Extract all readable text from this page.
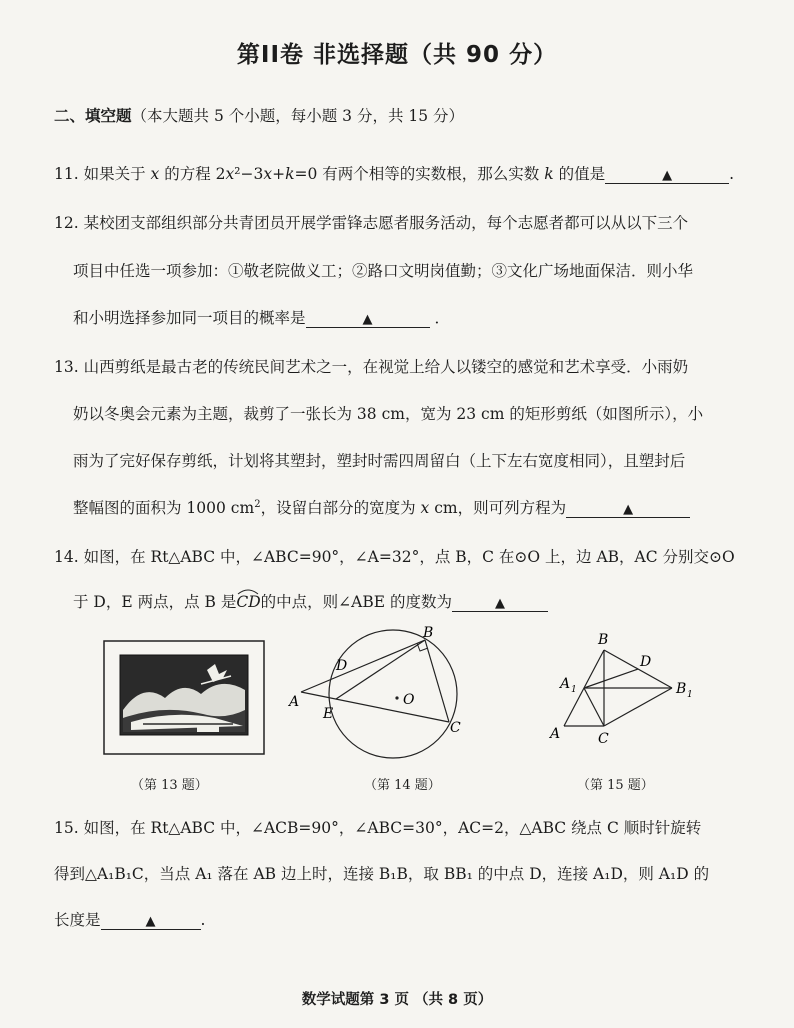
第II卷 非选择题（共 90 分）
二、填空题（本大题共 5 个小题，每小题 3 分，共 15 分）
11. 如果关于 x 的方程 2x²−3x+k=0 有两个相等的实数根，那么实数 k 的值是	▲	.
12. 某校团支部组织部分共青团员开展学雷锋志愿者服务活动，每个志愿者都可以从以下三个
项目中任选一项参加：①敬老院做义工；②路口文明岗值勤；③文化广场地面保洁．则小华
和小明选择参加同一项目的概率是	▲	．
13. 山西剪纸是最古老的传统民间艺术之一，在视觉上给人以镂空的感觉和艺术享受．小雨奶
奶以冬奥会元素为主题，裁剪了一张长为 38 cm，宽为 23 cm 的矩形剪纸（如图所示），小
雨为了完好保存剪纸，计划将其塑封，塑封时需四周留白（上下左右宽度相同），且塑封后
整幅图的面积为 1000 $cm^2$，设留白部分的宽度为 x cm，则可列方程为	▲
14. 如图，在 Rt△ABC 中，∠ABC=90°，∠A=32°，点 B，C 在⊙O 上，边 AB，AC 分别交⊙O
于 D，E 两点，点 B 是
CD的中点，则∠ABE 的度数为	▲
（第 13 题）
A
B
C
D
E
O
（第 14 题）
B
D
A 1	B 1
A	C
（第 15 题）
15. 如图，在 Rt△ABC 中，∠ACB=90°，∠ABC=30°，AC=2，△ABC 绕点 C 顺时针旋转
得到△A₁B₁C，当点 A₁ 落在 AB 边上时，连接 B₁B，取 BB₁ 的中点 D，连接 A₁D，则 A₁D 的
长度是	▲	.
数学试题第 3 页 （共 8 页）
